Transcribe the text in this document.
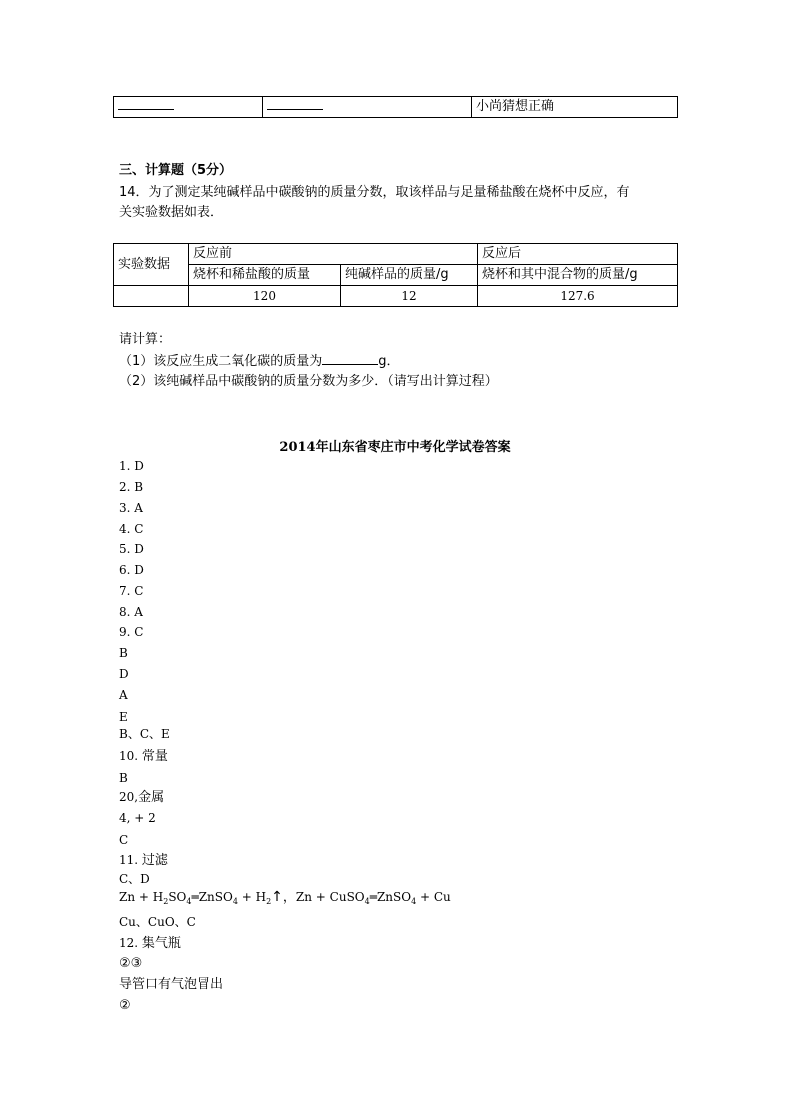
		小尚猜想正确
三、计算题（5分）
14．为了测定某纯碱样品中碳酸钠的质量分数，取该样品与足量稀盐酸在烧杯中反应，有
关实验数据如表．
实验数据	反应前		反应后
	烧杯和稀盐酸的质量	纯碱样品的质量/g	烧杯和其中混合物的质量/g
	120	12	127.6
请计算：
（1）该反应生成二氧化碳的质量为	g．
（2）该纯碱样品中碳酸钠的质量分数为多少．（请写出计算过程）
2014年山东省枣庄市中考化学试卷答案
1. D
2. B
3. A
4. C
5. D
6. D
7. C
8. A
9. C
B
D
A
E
B、C、E
10. 常量
B
20,金属
4, + 2
C
11. 过滤
C、D
$Zn + H_2SO_4═ZnSO_4$ + $H_2↑$，Zn + CuSO$_4$═ZnSO$_4$ + Cu
Cu、CuO、C
12. 集气瓶
②③
导管口有气泡冒出
②
